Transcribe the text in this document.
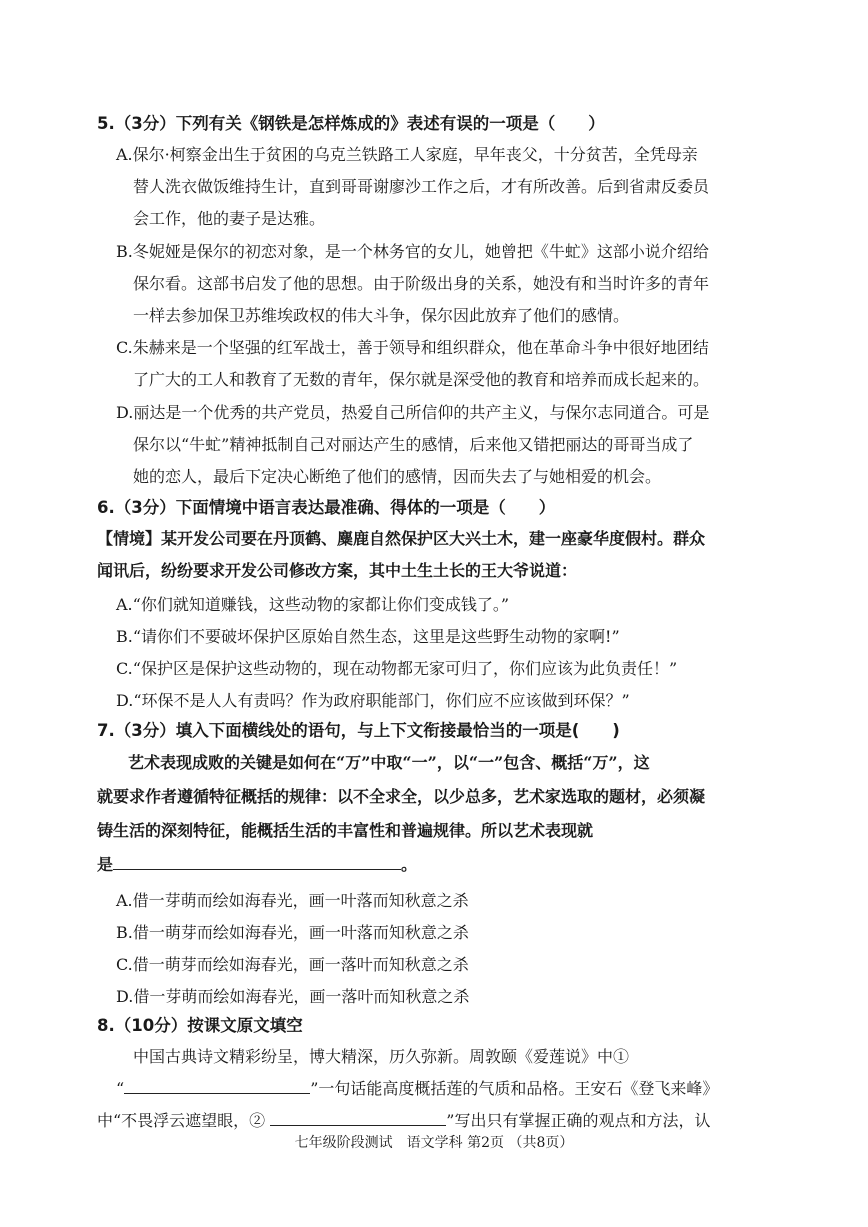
5.（3分）下列有关《钢铁是怎样炼成的》表述有误的一项是（　　）
A.保尔·柯察金出生于贫困的乌克兰铁路工人家庭，早年丧父，十分贫苦，全凭母亲
替人洗衣做饭维持生计，直到哥哥谢廖沙工作之后，才有所改善。后到省肃反委员
会工作，他的妻子是达雅。
B.冬妮娅是保尔的初恋对象，是一个林务官的女儿，她曾把《牛虻》这部小说介绍给
保尔看。这部书启发了他的思想。由于阶级出身的关系，她没有和当时许多的青年
一样去参加保卫苏维埃政权的伟大斗争，保尔因此放弃了他们的感情。
C.朱赫来是一个坚强的红军战士，善于领导和组织群众，他在革命斗争中很好地团结
了广大的工人和教育了无数的青年，保尔就是深受他的教育和培养而成长起来的。
D.丽达是一个优秀的共产党员，热爱自己所信仰的共产主义，与保尔志同道合。可是
保尔以“牛虻”精神抵制自己对丽达产生的感情，后来他又错把丽达的哥哥当成了
她的恋人，最后下定决心断绝了他们的感情，因而失去了与她相爱的机会。
6.（3分）下面情境中语言表达最准确、得体的一项是（　　）
【情境】某开发公司要在丹顶鹤、麋鹿自然保护区大兴土木，建一座豪华度假村。群众
闻讯后，纷纷要求开发公司修改方案，其中土生土长的王大爷说道：
A.“你们就知道赚钱，这些动物的家都让你们变成钱了。”
B.“请你们不要破坏保护区原始自然生态，这里是这些野生动物的家啊!”
C.“保护区是保护这些动物的，现在动物都无家可归了，你们应该为此负责任！”
D.“环保不是人人有责吗？作为政府职能部门，你们应不应该做到环保？”
7.（3分）填入下面横线处的语句，与上下文衔接最恰当的一项是(　　)
艺术表现成败的关键是如何在“万”中取“一”，以“一”包含、概括“万”，这
就要求作者遵循特征概括的规律：以不全求全，以少总多，艺术家选取的题材，必须凝
铸生活的深刻特征，能概括生活的丰富性和普遍规律。所以艺术表现就
是	。
A.借一芽萌而绘如海春光，画一叶落而知秋意之杀
B.借一萌芽而绘如海春光，画一叶落而知秋意之杀
C.借一萌芽而绘如海春光，画一落叶而知秋意之杀
D.借一芽萌而绘如海春光，画一落叶而知秋意之杀
8.（10分）按课文原文填空
中国古典诗文精彩纷呈，博大精深，历久弥新。周敦颐《爱莲说》中①
“	”一句话能高度概括莲的气质和品格。王安石《登飞来峰》
中“不畏浮云遮望眼，②	”写出只有掌握正确的观点和方法，认
七年级阶段测试　语文学科 第2页 （共8页）
